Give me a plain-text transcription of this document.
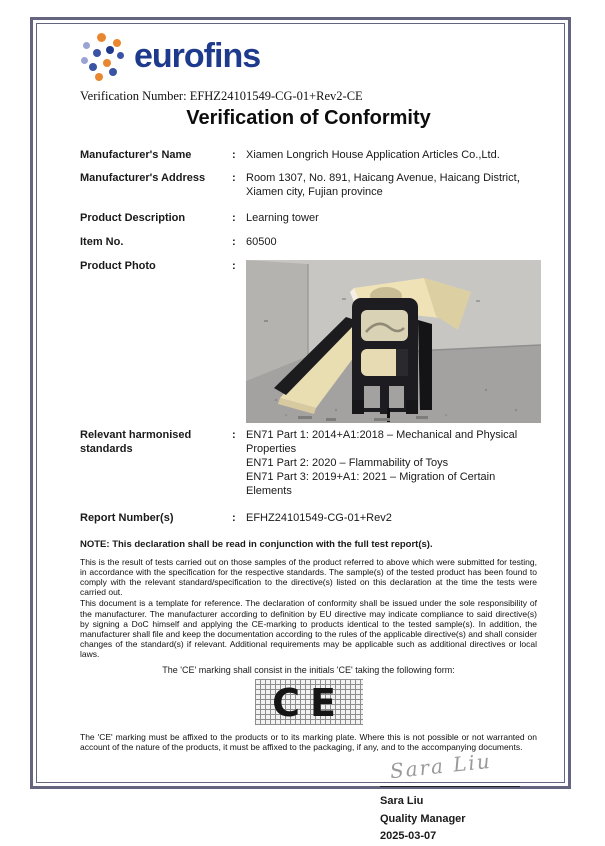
eurofins
Verification Number: EFHZ24101549-CG-01+Rev2-CE
Verification of Conformity
Manufacturer's Name	: Xiamen Longrich House Application Articles Co.,Ltd.
Manufacturer's Address	: Room 1307, No. 891, Haicang Avenue, Haicang District，Xiamen city, Fujian province
Product Description	: Learning tower
Item No.	: 60500
Product Photo	:
Relevant harmonised
standards
: EN71 Part 1: 2014+A1:2018 – Mechanical and Physical Properties

EN71 Part 2: 2020 – Flammability of Toys

EN71 Part 3: 2019+A1: 2021 – Migration of Certain Elements

Report Number(s)	: EFHZ24101549-CG-01+Rev2
NOTE: This declaration shall be read in conjunction with the full test report(s).

This is the result of tests carried out on those samples of the product referred to above which were submitted for testing, in accordance with the specification for the respective standards. The sample(s) of the tested product has been found to comply with the relevant standard/specification to the directive(s) listed on this declaration at the time the tests were carried out.

This document is a template for reference. The declaration of conformity shall be issued under the sole responsibility of the manufacturer. The manufacturer according to definition by EU directive may indicate compliance to said directive(s) by signing a DoC himself and applying the CE-marking to products identical to the tested sample(s). In addition, the manufacturer shall file and keep the documentation according to the rules of the applicable directive(s) and shall consider changes of the standard(s) if relevant. Additional requirements may be applicable such as additional directives or local laws.

The 'CE' marking shall consist in the initials 'CE' taking the following form:
CE

The 'CE' marking must be affixed to the products or to its marking plate. Where this is not possible or not warranted on account of the nature of the products, it must be affixed to the packaging, if any, and to the accompanying documents.

Sara Liu
Sara Liu
Quality Manager
2025-03-07
